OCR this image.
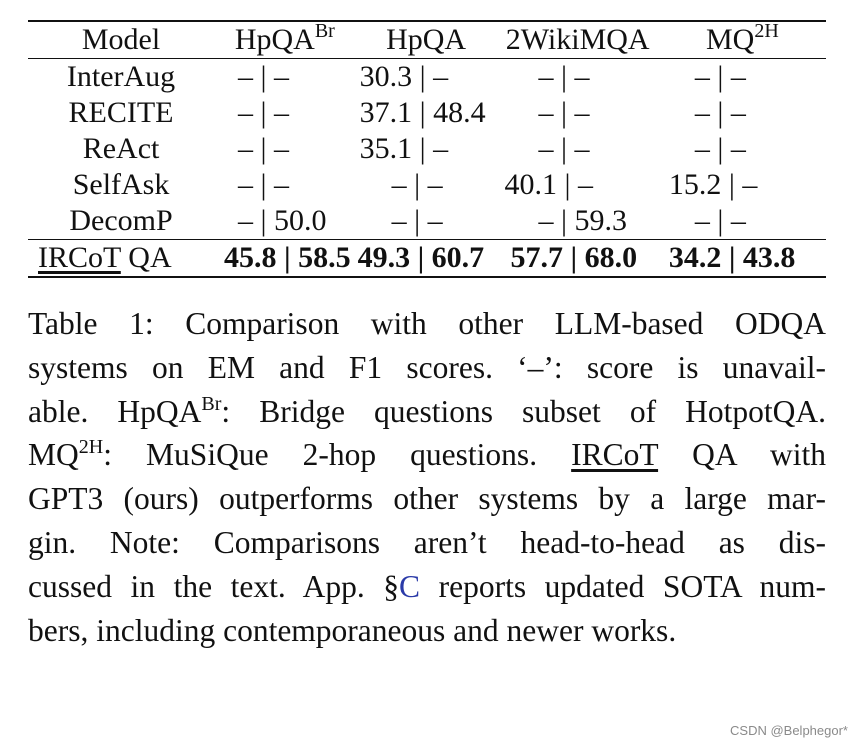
Model	HpQA$^{Br}$	HpQA	2WikiMQA	$MQ^{2H}$
InterAug	– | –	30.3 | –	– | –	– | –
RECITE	– | –	37.1 | 48.4	– | –	– | –
ReAct	– | –	35.1 | –	– | –	– | –
SelfAsk	– | –	– | –	40.1 | –	15.2 | –
DecomP	– | 50.0	– | –	– | 59.3	– | –
IRCoT QA	45.8 | 58.5	49.3 | 60.7	57.7 | 68.0	34.2 | 43.8
Table 1: Comparison with other LLM-based ODQA
systems on EM and F1 scores. ‘–’: score is unavail-
able. HpQA$^{Br}$: Bridge questions subset of HotpotQA.
$MQ^{2H}$: MuSiQue 2-hop questions. IRCoT QA with
GPT3 (ours) outperforms other systems by a large mar-
gin. Note: Comparisons aren’t head-to-head as dis-
cussed in the text. App. §C reports updated SOTA num-
bers, including contemporaneous and newer works.
CSDN @Belphegor*
